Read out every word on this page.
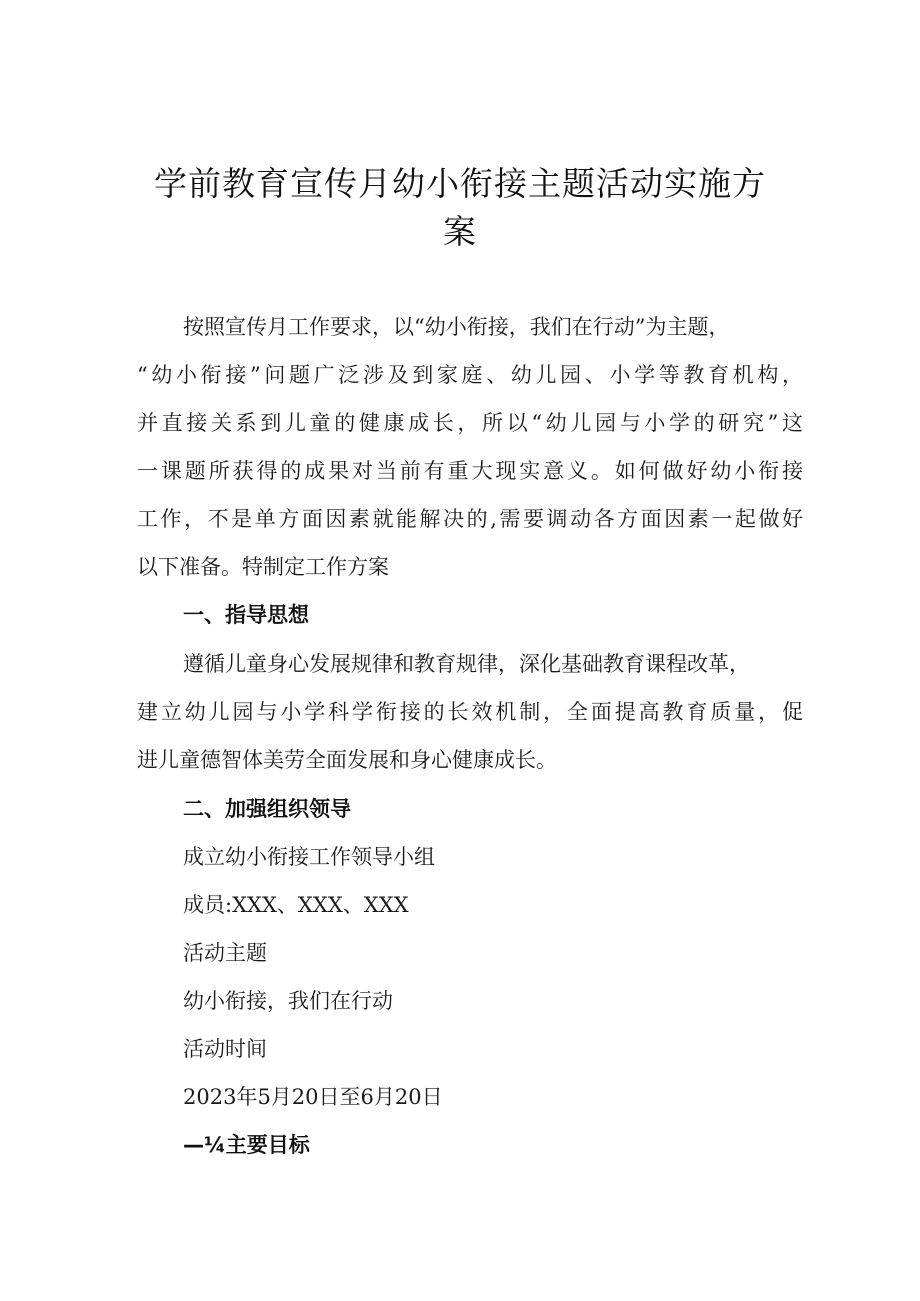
学前教育宣传月幼小衔接主题活动实施方
案
按照宣传月工作要求，以“幼小衔接，我们在行动”为主题，
“幼小衔接”问题广泛涉及到家庭、幼儿园、小学等教育机构，
并直接关系到儿童的健康成长，所以“幼儿园与小学的研究”这
一课题所获得的成果对当前有重大现实意义。如何做好幼小衔接
工作，不是单方面因素就能解决的,需要调动各方面因素一起做好
以下准备。特制定工作方案
一、指导思想
遵循儿童身心发展规律和教育规律，深化基础教育课程改革，
建立幼儿园与小学科学衔接的长效机制，全面提高教育质量，促
进儿童德智体美劳全面发展和身心健康成长。
二、加强组织领导
成立幼小衔接工作领导小组
成员:XXX、XXX、XXX
活动主题
幼小衔接，我们在行动
活动时间
2023年5月20日至6月20日
—¼主要目标
